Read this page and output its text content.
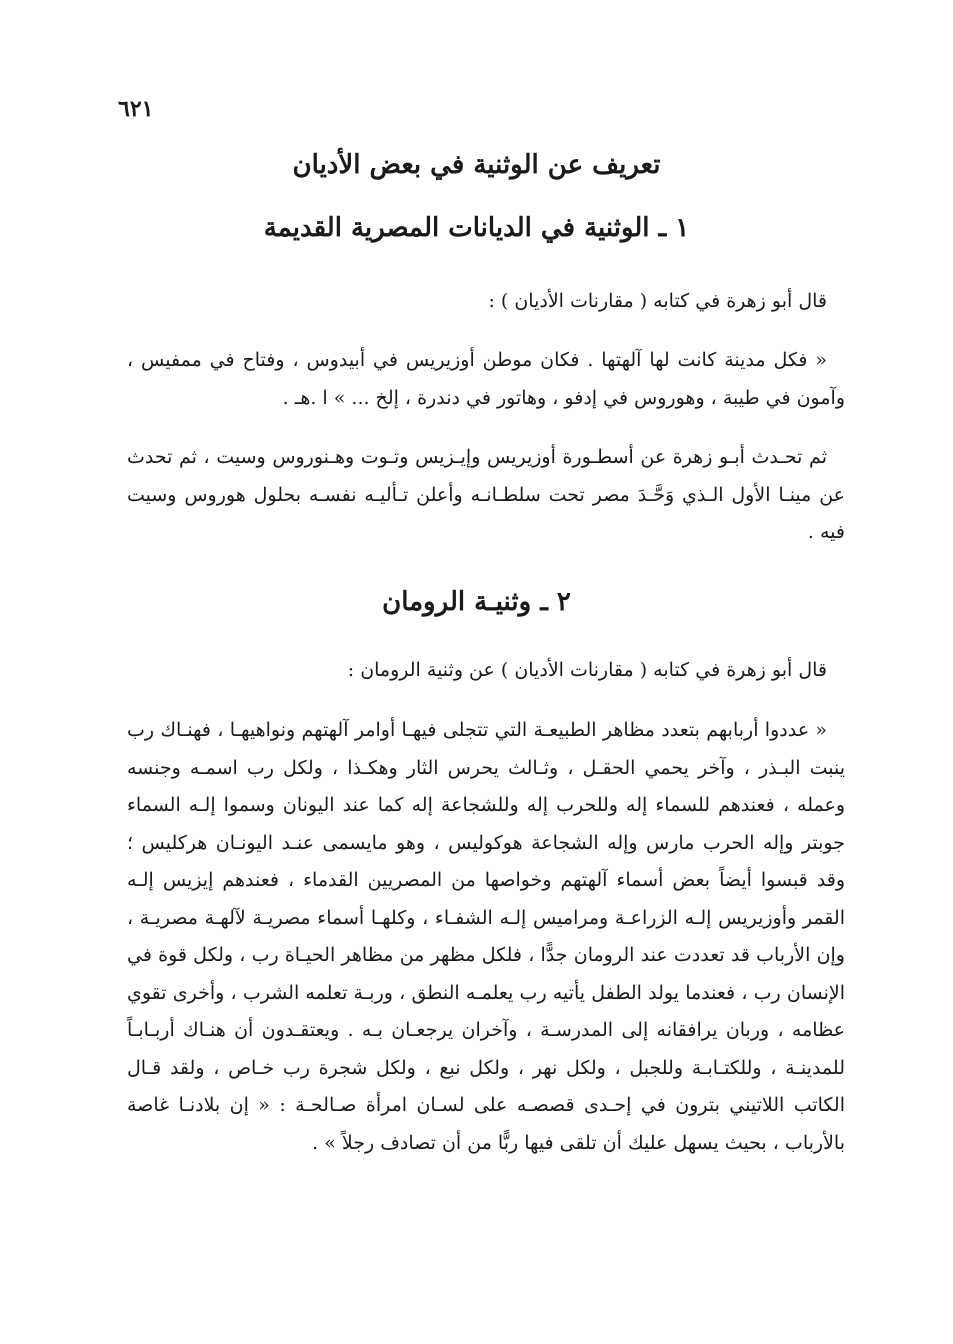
٦٢١
تعريف عن الوثنية في بعض الأديان
١ ـ الوثنية في الديانات المصرية القديمة

قال أبو زهرة في كتابه ( مقارنات الأديان ) :

« فكل مدينة كانت لها آلهتها . فكان موطن أوزيريس في أبيدوس ، وفتاح في ممفيس ، وآمون في طيبة ، وهوروس في إدفو ، وهاتور في دندرة ، إلخ ... » ا .هـ .

ثم تحـدث أبـو زهرة عن أسطـورة أوزيريس وإيـزيس وتـوت وهـنوروس وسيت ، ثم تحدث عن مينـا الأول الـذي وَحَّـدَ مصر تحت سلطـانـه وأعلن تـأليـه نفسـه بحلول هوروس وسيت فيه .

٢ ـ وثنيـة الرومان

قال أبو زهرة في كتابه ( مقارنات الأديان ) عن وثنية الرومان :

« عددوا أربابهم بتعدد مظاهر الطبيعـة التي تتجلى فيهـا أوامر آلهتهم ونواهيهـا ، فهنـاك رب ينبت البـذر ، وآخر يحمي الحقـل ، وثـالث يحرس الثار وهكـذا ، ولكل رب اسمـه وجنسه وعمله ، فعندهم للسماء إله وللحرب إله وللشجاعة إله كما عند اليونان وسموا إلـه السماء جوبتر وإله الحرب مارس وإله الشجاعة هوكوليس ، وهو مايسمى عنـد اليونـان هركليس ؛ وقد قبسوا أيضاً بعض أسماء آلهتهم وخواصها من المصريين القدماء ، فعندهم إيزيس إلـه القمر وأوزيريس إلـه الزراعـة ومراميس إلـه الشفـاء ، وكلهـا أسماء مصريـة لآلهـة مصريـة ، وإن الأرباب قد تعددت عند الرومان جدًّا ، فلكل مظهر من مظاهر الحيـاة رب ، ولكل قوة في الإنسان رب ، فعندما يولد الطفل يأتيه رب يعلمـه النطق ، وربـة تعلمه الشرب ، وأخرى تقوي عظامه ، وربان يرافقانه إلى المدرسـة ، وآخران يرجعـان بـه . ويعتقـدون أن هنـاك أربـابـاً للمدينـة ، وللكتـابـة وللجبل ، ولكل نهر ، ولكل نبع ، ولكل شجرة رب خـاص ، ولقد قـال الكاتب اللاتيني بترون في إحـدى قصصـه على لسـان امرأة صـالحـة : « إن بلادنـا غاصة بالأرباب ، بحيث يسهل عليك أن تلقى فيها ربًّا من أن تصادف رجلاً » .
